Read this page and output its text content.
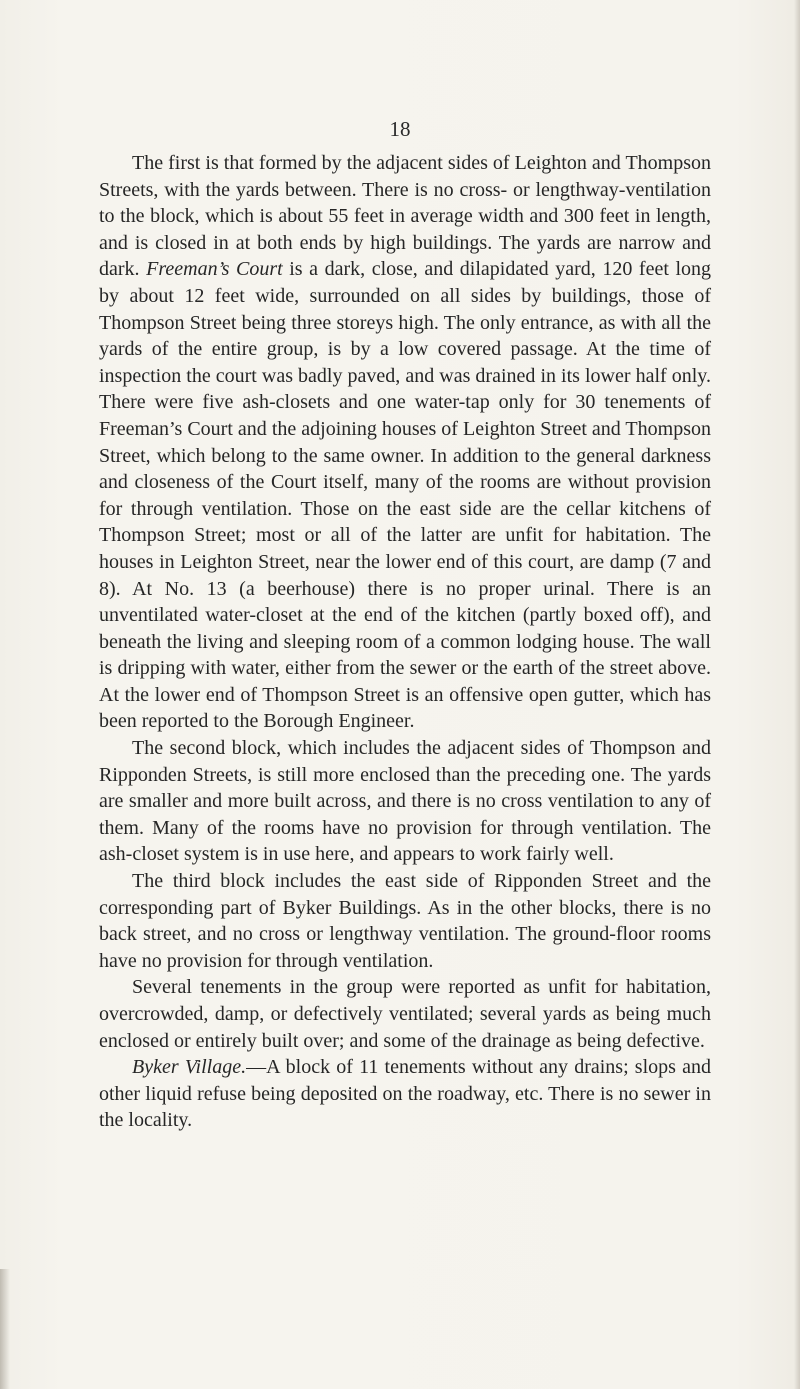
18

The first is that formed by the adjacent sides of Leighton and Thompson Streets, with the yards between. There is no cross- or lengthway-ventilation to the block, which is about 55 feet in average width and 300 feet in length, and is closed in at both ends by high buildings. The yards are narrow and dark. Freeman’s Court is a dark, close, and dilapidated yard, 120 feet long by about 12 feet wide, surrounded on all sides by buildings, those of Thompson Street being three storeys high. The only entrance, as with all the yards of the entire group, is by a low covered passage. At the time of inspection the court was badly paved, and was drained in its lower half only. There were five ash-closets and one water-tap only for 30 tenements of Freeman’s Court and the adjoining houses of Leighton Street and Thompson Street, which belong to the same owner. In addition to the general darkness and closeness of the Court itself, many of the rooms are without provision for through ventilation. Those on the east side are the cellar kitchens of Thompson Street; most or all of the latter are unfit for habitation. The houses in Leighton Street, near the lower end of this court, are damp (7 and 8). At No. 13 (a beerhouse) there is no proper urinal. There is an unventilated water-closet at the end of the kitchen (partly boxed off), and beneath the living and sleeping room of a common lodging house. The wall is dripping with water, either from the sewer or the earth of the street above. At the lower end of Thompson Street is an offensive open gutter, which has been reported to the Borough Engineer.

The second block, which includes the adjacent sides of Thompson and Ripponden Streets, is still more enclosed than the preceding one. The yards are smaller and more built across, and there is no cross ventilation to any of them. Many of the rooms have no provision for through ventilation. The ash-closet system is in use here, and appears to work fairly well.

The third block includes the east side of Ripponden Street and the corresponding part of Byker Buildings. As in the other blocks, there is no back street, and no cross or lengthway ventilation. The ground-floor rooms have no provision for through ventilation.

Several tenements in the group were reported as unfit for habitation, overcrowded, damp, or defectively ventilated; several yards as being much enclosed or entirely built over; and some of the drainage as being defective.

Byker Village.—A block of 11 tenements without any drains; slops and other liquid refuse being deposited on the roadway, etc. There is no sewer in the locality.
